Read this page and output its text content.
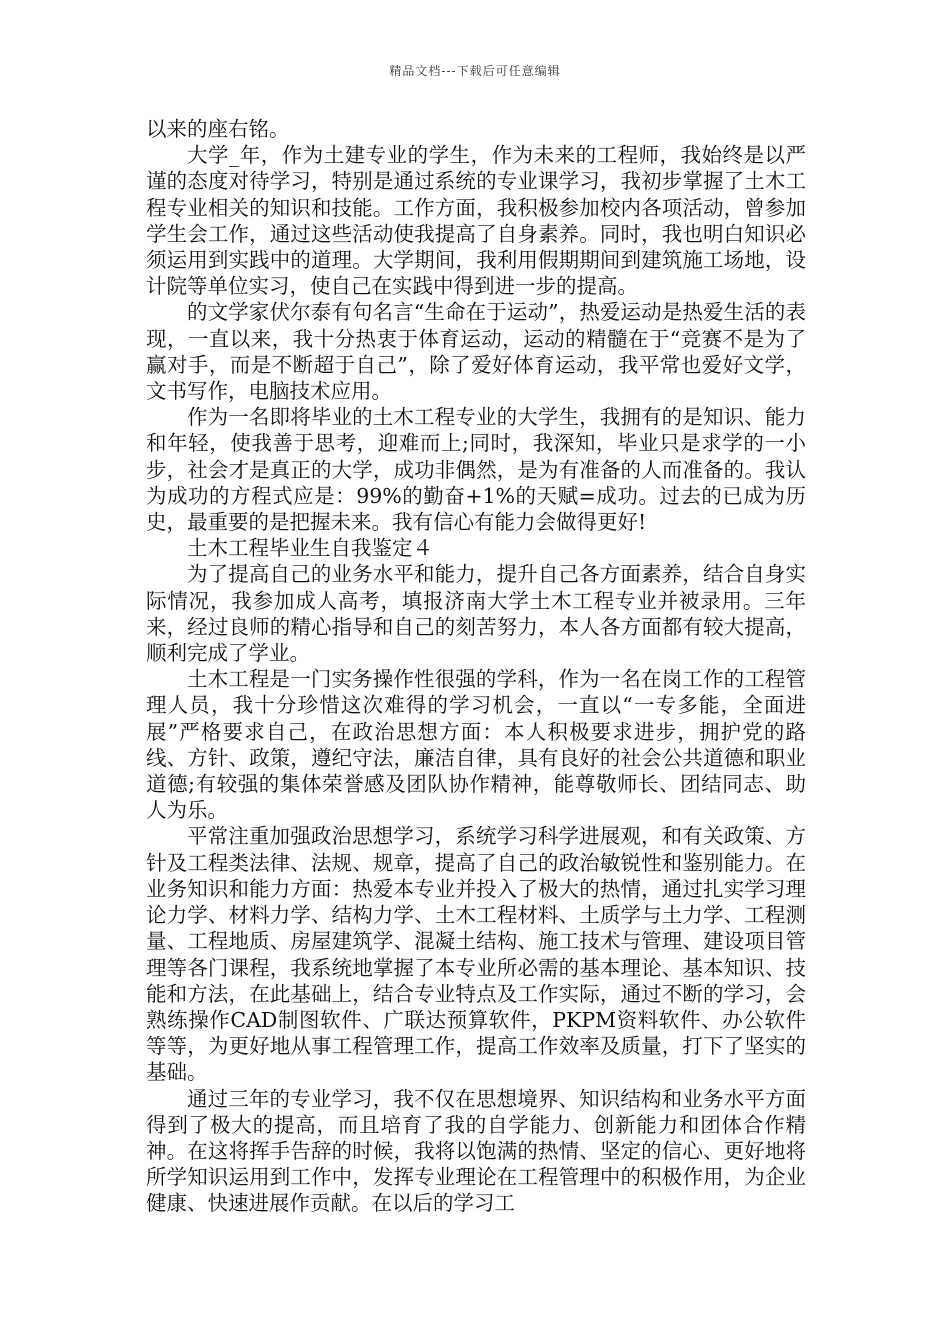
精品文档---下载后可任意编辑

以来的座右铭。

大学_年，作为土建专业的学生，作为未来的工程师，我始终是以严谨的态度对待学习，特别是通过系统的专业课学习，我初步掌握了土木工程专业相关的知识和技能。工作方面，我积极参加校内各项活动，曾参加学生会工作，通过这些活动使我提高了自身素养。同时，我也明白知识必须运用到实践中的道理。大学期间，我利用假期期间到建筑施工场地，设计院等单位实习，使自己在实践中得到进一步的提高。

的文学家伏尔泰有句名言“生命在于运动”，热爱运动是热爱生活的表现，一直以来，我十分热衷于体育运动，运动的精髓在于“竞赛不是为了赢对手，而是不断超于自己”，除了爱好体育运动，我平常也爱好文学，文书写作，电脑技术应用。

作为一名即将毕业的土木工程专业的大学生，我拥有的是知识、能力和年轻，使我善于思考，迎难而上;同时，我深知，毕业只是求学的一小步，社会才是真正的大学，成功非偶然，是为有准备的人而准备的。我认为成功的方程式应是：99%的勤奋+1%的天赋=成功。过去的已成为历史，最重要的是把握未来。我有信心有能力会做得更好!

土木工程毕业生自我鉴定４

为了提高自己的业务水平和能力，提升自己各方面素养，结合自身实际情况，我参加成人高考，填报济南大学土木工程专业并被录用。三年来，经过良师的精心指导和自己的刻苦努力，本人各方面都有较大提高，顺利完成了学业。

土木工程是一门实务操作性很强的学科，作为一名在岗工作的工程管理人员，我十分珍惜这次难得的学习机会，一直以“一专多能，全面进展”严格要求自己，在政治思想方面：本人积极要求进步，拥护党的路线、方针、政策，遵纪守法，廉洁自律，具有良好的社会公共道德和职业道德;有较强的集体荣誉感及团队协作精神，能尊敬师长、团结同志、助人为乐。

平常注重加强政治思想学习，系统学习科学进展观，和有关政策、方针及工程类法律、法规、规章，提高了自己的政治敏锐性和鉴别能力。在业务知识和能力方面：热爱本专业并投入了极大的热情，通过扎实学习理论力学、材料力学、结构力学、土木工程材料、土质学与土力学、工程测量、工程地质、房屋建筑学、混凝土结构、施工技术与管理、建设项目管理等各门课程，我系统地掌握了本专业所必需的基本理论、基本知识、技能和方法，在此基础上，结合专业特点及工作实际，通过不断的学习，会熟练操作CAD制图软件、广联达预算软件，PKPM资料软件、办公软件等等，为更好地从事工程管理工作，提高工作效率及质量，打下了坚实的基础。

通过三年的专业学习，我不仅在思想境界、知识结构和业务水平方面得到了极大的提高，而且培育了我的自学能力、创新能力和团体合作精神。在这将挥手告辞的时候，我将以饱满的热情、坚定的信心、更好地将所学知识运用到工作中，发挥专业理论在工程管理中的积极作用，为企业健康、快速进展作贡献。在以后的学习工
